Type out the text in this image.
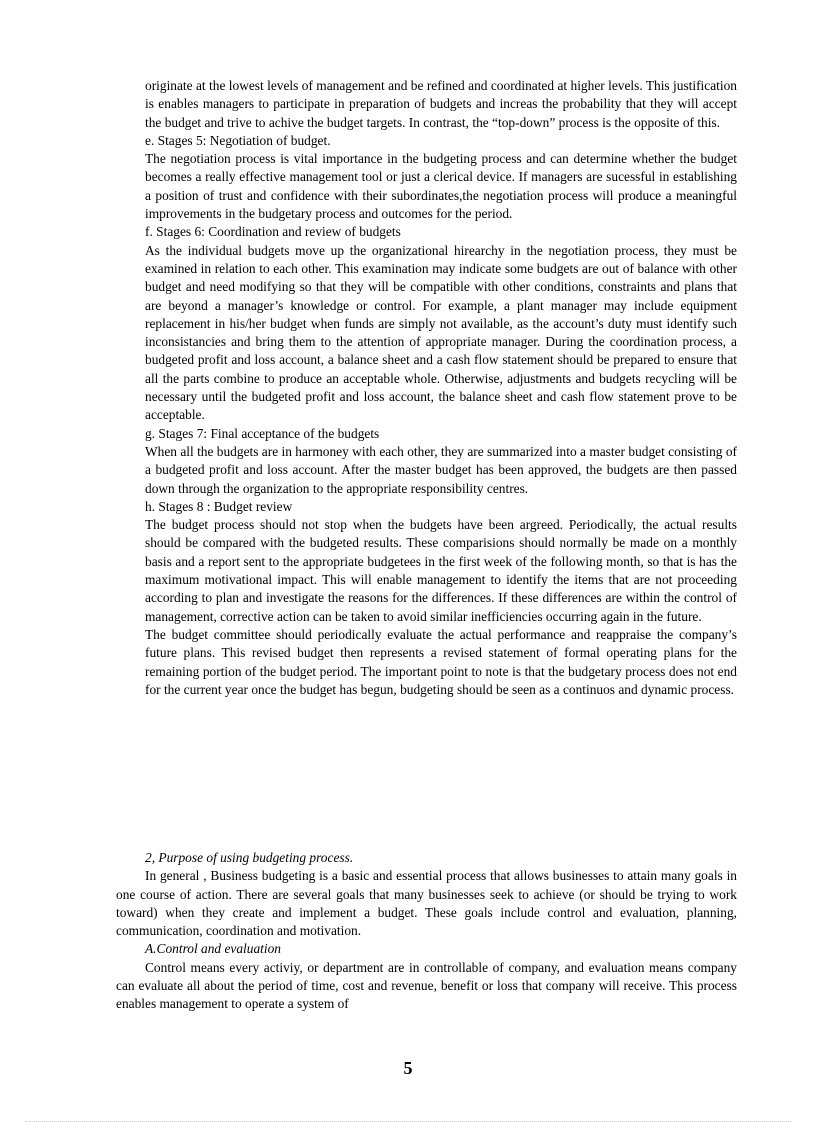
originate at the lowest levels of management and be refined and coordinated at higher levels. This justification is enables managers to participate in preparation of budgets and increas the probability that they will accept the budget and trive to achive the budget targets. In contrast, the “top-down” process is the opposite of this.

e. Stages 5: Negotiation of budget.

The negotiation process is vital importance in the budgeting process and can determine whether the budget becomes a really effective management tool or just a clerical device. If managers are sucessful in establishing a position of trust and confidence with their subordinates,the negotiation process will produce a meaningful improvements in the budgetary process and outcomes for the period.

f. Stages 6: Coordination and review of budgets

As the individual budgets move up the organizational hirearchy in the negotiation process, they must be examined in relation to each other. This examination may indicate some budgets are out of balance with other budget and need modifying so that they will be compatible with other conditions, constraints and plans that are beyond a manager’s knowledge or control. For example, a plant manager may include equipment replacement in his/her budget when funds are simply not available, as the account’s duty must identify such inconsistancies and bring them to the attention of appropriate manager. During the coordination process, a budgeted profit and loss account, a balance sheet and a cash flow statement should be prepared to ensure that all the parts combine to produce an acceptable whole. Otherwise, adjustments and budgets recycling will be necessary until the budgeted profit and loss account, the balance sheet and cash flow statement prove to be acceptable.

g. Stages 7: Final acceptance of the budgets

When all the budgets are in harmoney with each other, they are summarized into a master budget consisting of a budgeted profit and loss account. After the master budget has been approved, the budgets are then passed down through the organization to the appropriate responsibility centres.

h. Stages 8 : Budget review

The budget process should not stop when the budgets have been argreed. Periodically, the actual results should be compared with the budgeted results. These comparisions should normally be made on a monthly basis and a report sent to the appropriate budgetees in the first week of the following month, so that is has the maximum motivational impact. This will enable management to identify the items that are not proceeding according to plan and investigate the reasons for the differences. If these differences are within the control of management, corrective action can be taken to avoid similar inefficiencies occurring again in the future.

The budget committee should periodically evaluate the actual performance and reappraise the company’s future plans. This revised budget then represents a revised statement of formal operating plans for the remaining portion of the budget period. The important point to note is that the budgetary process does not end for the current year once the budget has begun, budgeting should be seen as a continuos and dynamic process.

2, Purpose of using budgeting process.

In general , Business budgeting is a basic and essential process that allows businesses to attain many goals in one course of action. There are several goals that many businesses seek to achieve (or should be trying to work toward) when they create and implement a budget. These goals include control and evaluation, planning, communication, coordination and motivation.

A.Control and evaluation

Control means every activiy, or department are in controllable of company, and evaluation means company can evaluate all about the period of time, cost and revenue, benefit or loss that company will receive. This process enables management to operate a system of

5
